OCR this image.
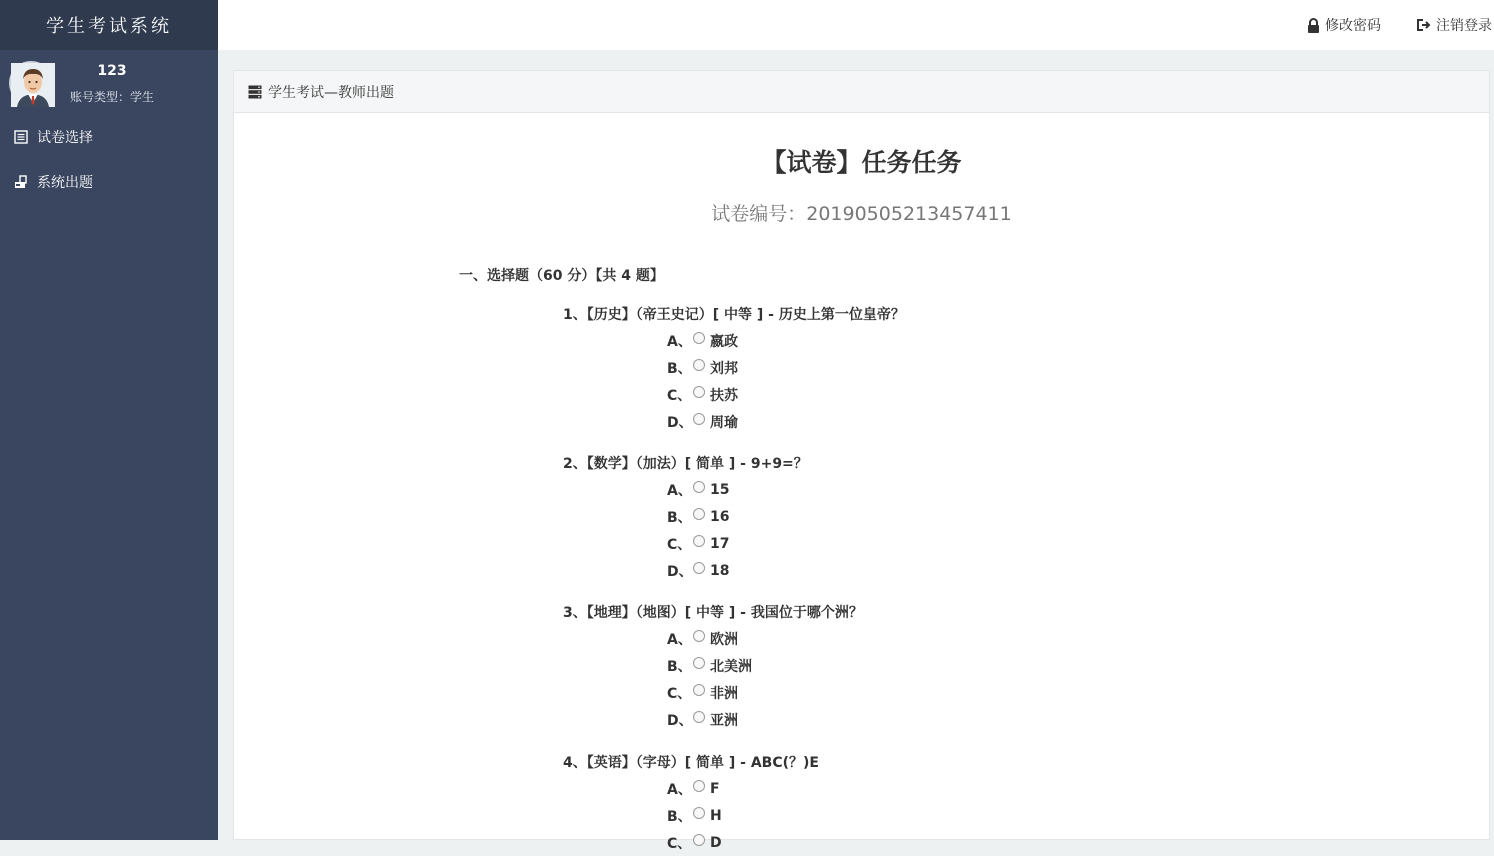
学生考试系统
123
账号类型：学生
试卷选择
系统出题
修改密码	注销登录
学生考试—教师出题
【试卷】任务任务
试卷编号：20190505213457411
一、选择题（60 分）【共 4 题】
1、【历史】（帝王史记）[ 中等 ] - 历史上第一位皇帝？
A、 嬴政
B、 刘邦
C、 扶苏
D、 周瑜
2、【数学】（加法）[ 简单 ] - 9+9=？
A、 15
B、 16
C、 17
D、 18
3、【地理】（地图）[ 中等 ] - 我国位于哪个洲？
A、 欧洲
B、 北美洲
C、 非洲
D、 亚洲
4、【英语】（字母）[ 简单 ] - ABC(？)E
A、 F
B、 H
C、 D
